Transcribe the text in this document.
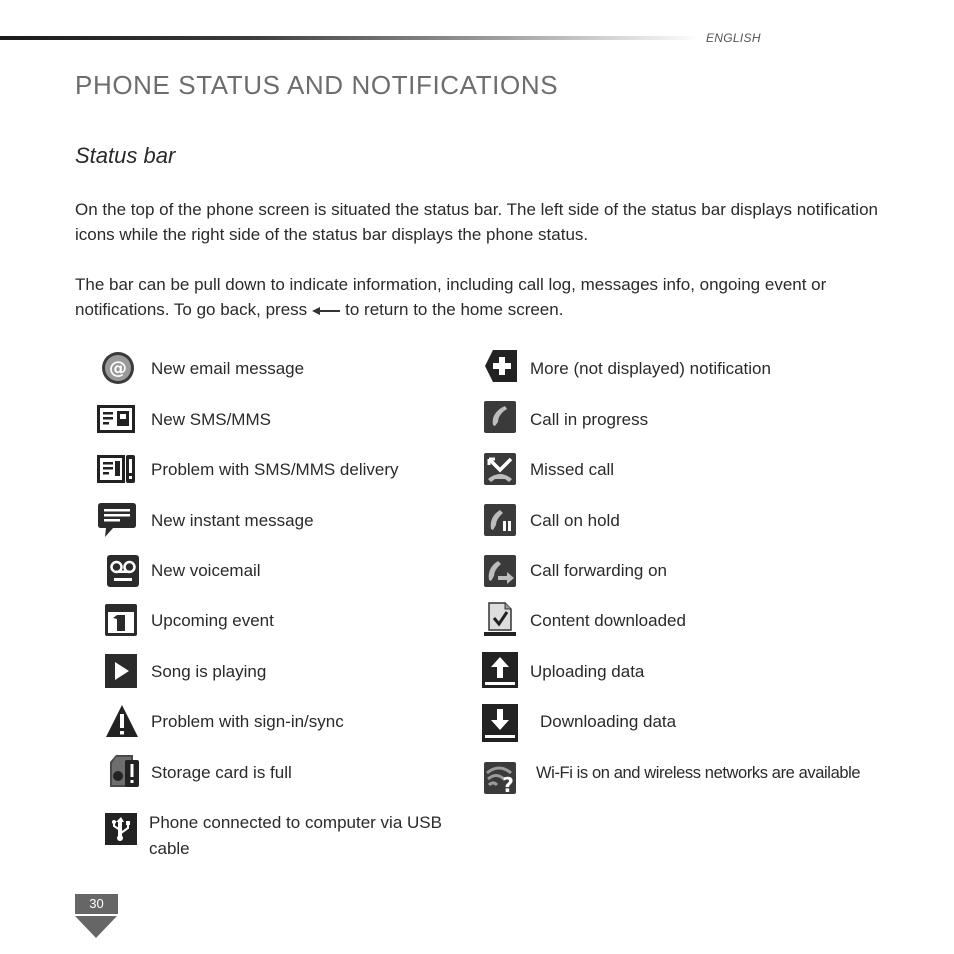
ENGLISH
PHONE STATUS AND NOTIFICATIONS
Status bar

On the top of the phone screen is situated the status bar. The left side of the status bar displays notification icons while the right side of the status bar displays the phone status.

The bar can be pull down to indicate information, including call log, messages info, ongoing event or notifications. To go back, press to return to the home screen.

@ New email message
New SMS/MMS
Problem with SMS/MMS delivery
New instant message
New voicemail
Upcoming event
Song is playing
Problem with sign-in/sync
Storage card is full
Phone connected to computer via USB cable
More (not displayed) notification
Call in progress
Missed call
Call on hold
Call forwarding on
Content downloaded
Uploading data
Downloading data
? Wi-Fi is on and wireless networks are available
30
